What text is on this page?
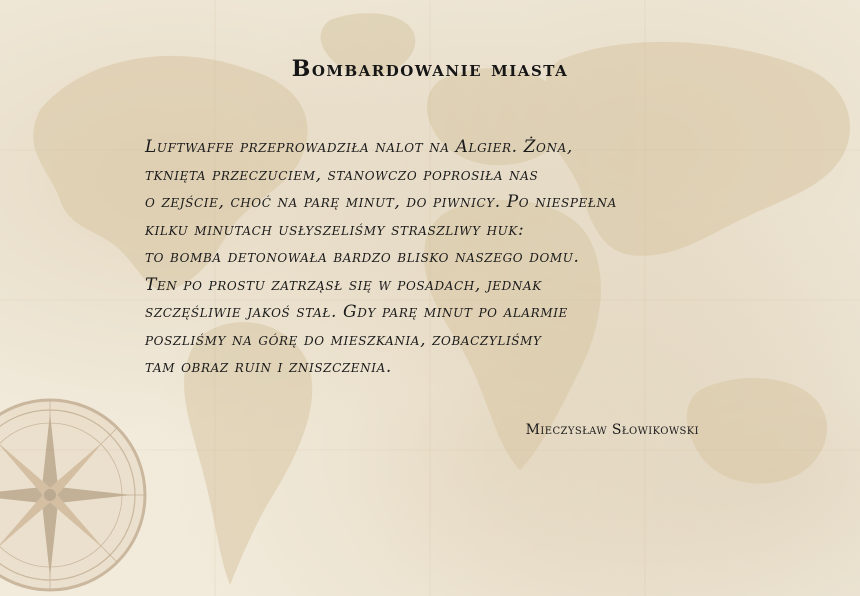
Bombardowanie miasta
Luftwaffe przeprowadziła nalot na Algier. Żona,
tknięta przeczuciem, stanowczo poprosiła nas
o zejście, choć na parę minut, do piwnicy. Po niespełna
kilku minutach usłyszeliśmy straszliwy huk:
to bomba detonowała bardzo blisko naszego domu.
Ten po prostu zatrząsł się w posadach, jednak
szczęśliwie jakoś stał. Gdy parę minut po alarmie
poszliśmy na górę do mieszkania, zobaczyliśmy
tam obraz ruin i zniszczenia.
Mieczysław Słowikowski
